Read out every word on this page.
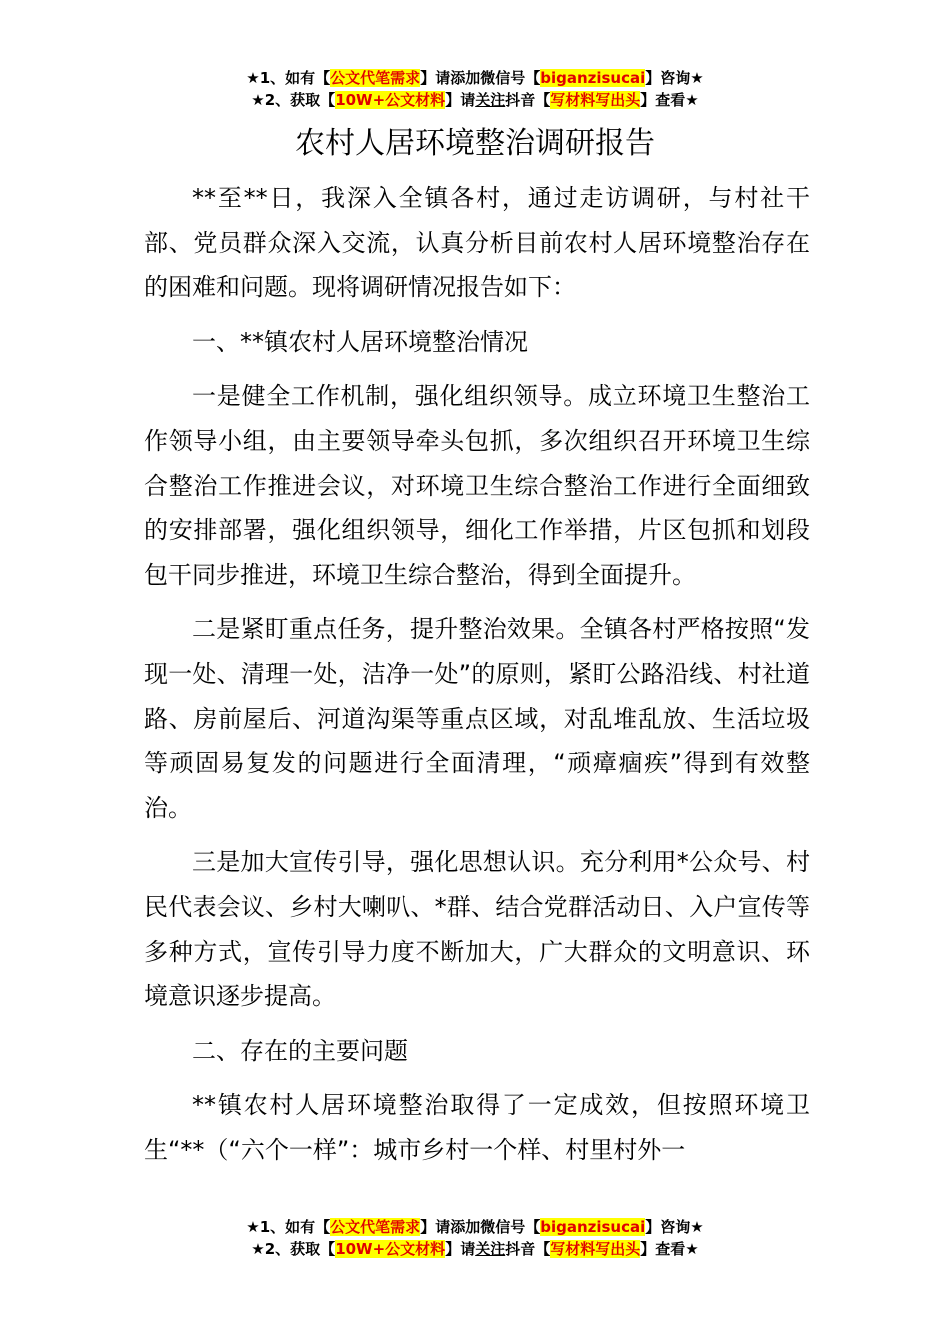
★1、如有【公文代笔需求】请添加微信号【biganzisucai】咨询★
★2、获取【10W+公文材料】请关注抖音【写材料写出头】查看★
农村人居环境整治调研报告

**至**日，我深入全镇各村，通过走访调研，与村社干部、党员群众深入交流，认真分析目前农村人居环境整治存在的困难和问题。现将调研情况报告如下：

一、**镇农村人居环境整治情况

一是健全工作机制，强化组织领导。成立环境卫生整治工作领导小组，由主要领导牵头包抓，多次组织召开环境卫生综合整治工作推进会议，对环境卫生综合整治工作进行全面细致的安排部署，强化组织领导，细化工作举措，片区包抓和划段包干同步推进，环境卫生综合整治，得到全面提升。

二是紧盯重点任务，提升整治效果。全镇各村严格按照“发现一处、清理一处，洁净一处”的原则，紧盯公路沿线、村社道路、房前屋后、河道沟渠等重点区域，对乱堆乱放、生活垃圾等顽固易复发的问题进行全面清理，“顽瘴痼疾”得到有效整治。

三是加大宣传引导，强化思想认识。充分利用*公众号、村民代表会议、乡村大喇叭、*群、结合党群活动日、入户宣传等多种方式，宣传引导力度不断加大，广大群众的文明意识、环境意识逐步提高。

二、存在的主要问题

**镇农村人居环境整治取得了一定成效，但按照环境卫生“**（“六个一样”：城市乡村一个样、村里村外一

★1、如有【公文代笔需求】请添加微信号【biganzisucai】咨询★
★2、获取【10W+公文材料】请关注抖音【写材料写出头】查看★
